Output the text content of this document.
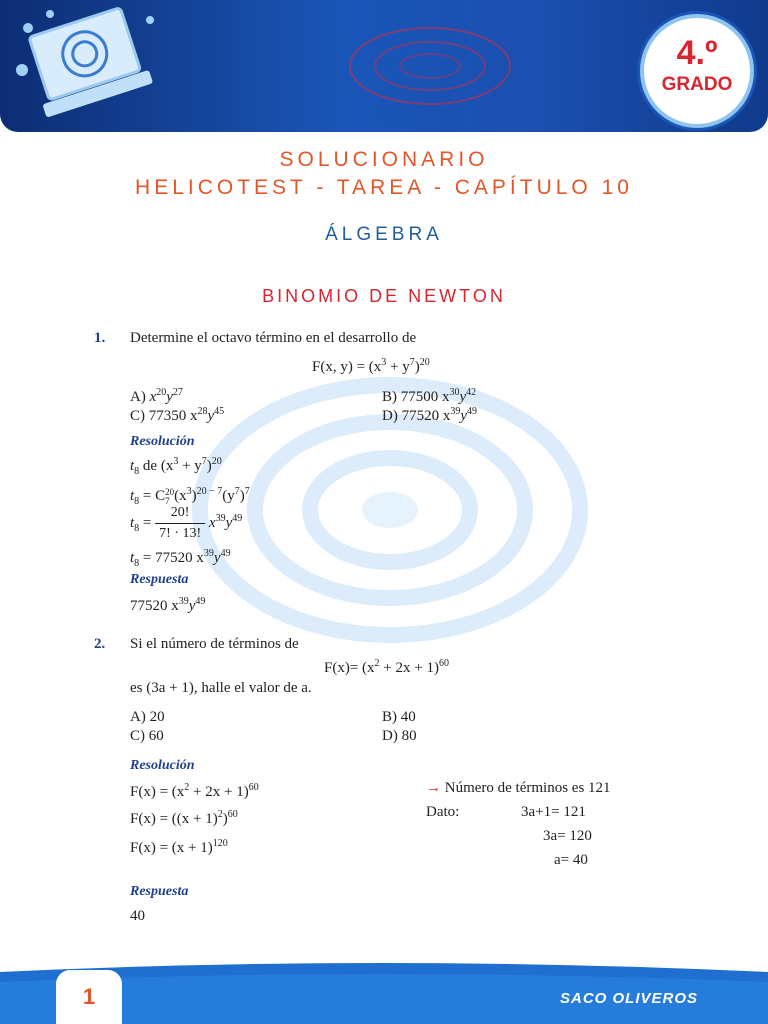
4.º
GRADO
SOLUCIONARIO
HELICOTEST - TAREA - CAPÍTULO 10
ÁLGEBRA
BINOMIO DE NEWTON
1. Determine el octavo término en el desarrollo de
F(x, $y) = (x^3 + y^7)^{20}$
A) $x^{20}y^{27}$	B) 77500 $x^{30}y^{42}$
C) 77350 $x^{28}y^{45}$	D) 77520 $x^{39}y^{49}$
Resolución
$t_8$ de $(x^3 + y^7)^{20}$
$t_8 = C$ 20
7 $(x^3)^{20 - 7}(y^7)^7$
$t_8 = \frac{20!}{7! \cdot 13!} x^{39}y^{49}$
$t_8 = 77520$ $x^{39}y^{49}$
Respuesta
77520 $x^{39}y^{49}$
2. Si el número de términos de
$F(x)= (x^2 + 2x + 1)^{60}$
es (3a + 1), halle el valor de a.
A) 20	B) 40
C) 60	D) 80
Resolución
$F(x) = (x^2 + 2x + 1)^{60}$
$F(x) = ((x + 1)^2)^{60}$
$F(x) = (x + 1)^{120}$
→ Número de términos es 121
Dato:	3a+1= 121
3a= 120
a= 40
Respuesta
40
1	SACO OLIVEROS
